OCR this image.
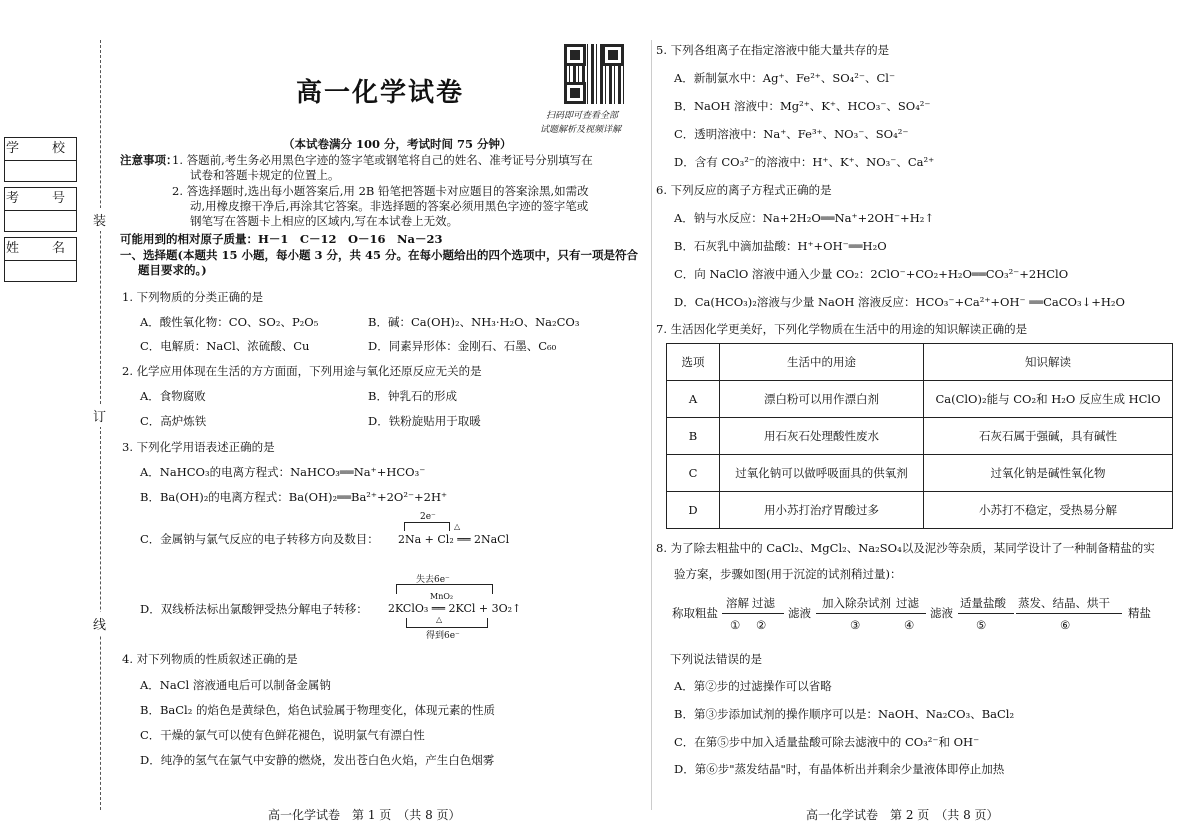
装
订
线
学　校
考　号
姓　名
高一化学试卷
扫码即可查看全部
试题解析及视频详解
（本试卷满分 100 分，考试时间 75 分钟）
注意事项：
1. 答题前,考生务必用黑色字迹的签字笔或钢笔将自己的姓名、准考证号分别填写在
试卷和答题卡规定的位置上。
2. 答选择题时,选出每小题答案后,用 2B 铅笔把答题卡对应题目的答案涂黑,如需改
动,用橡皮擦干净后,再涂其它答案。非选择题的答案必须用黑色字迹的签字笔或
钢笔写在答题卡上相应的区域内,写在本试卷上无效。
可能用到的相对原子质量：H－1　C－12　O－16　Na－23
一、选择题(本题共 15 小题，每小题 3 分，共 45 分。在每小题给出的四个选项中，只有一项是符合
题目要求的。)
1. 下列物质的分类正确的是
A．酸性氧化物：CO、SO₂、P₂O₅	B．碱：Ca(OH)₂、NH₃·H₂O、Na₂CO₃
C．电解质：NaCl、浓硫酸、Cu	D．同素异形体：金刚石、石墨、C₆₀
2. 化学应用体现在生活的方方面面，下列用途与氧化还原反应无关的是
A．食物腐败	B．钟乳石的形成
C．高炉炼铁	D．铁粉旋贴用于取暖
3. 下列化学用语表述正确的是
A．NaHCO₃的电离方程式：NaHCO₃══Na⁺+HCO₃⁻
B．Ba(OH)₂的电离方程式：Ba(OH)₂══Ba²⁺+2O²⁻+2H⁺
C．金属钠与氯气反应的电子转移方向及数目：
2e⁻
△
2Na + Cl₂ ══ 2NaCl
D．双线桥法标出氯酸钾受热分解电子转移：
失去6e⁻
MnO₂
2KClO₃ ══ 2KCl + 3O₂↑
△
得到6e⁻
4. 对下列物质的性质叙述正确的是
A．NaCl 溶液通电后可以制备金属钠
B．BaCl₂ 的焰色是黄绿色，焰色试验属于物理变化，体现元素的性质
C．干燥的氯气可以使有色鲜花褪色，说明氯气有漂白性
D．纯净的氢气在氯气中安静的燃烧，发出苍白色火焰，产生白色烟雾
高一化学试卷　第 1 页　（共 8 页）
5. 下列各组离子在指定溶液中能大量共存的是
A．新制氯水中：Ag⁺、Fe²⁺、SO₄²⁻、Cl⁻
B．NaOH 溶液中：Mg²⁺、K⁺、HCO₃⁻、SO₄²⁻
C．透明溶液中：Na⁺、Fe³⁺、NO₃⁻、SO₄²⁻
D．含有 CO₃²⁻的溶液中：H⁺、K⁺、NO₃⁻、Ca²⁺
6. 下列反应的离子方程式正确的是
A．钠与水反应：Na+2H₂O══Na⁺+2OH⁻+H₂↑
B．石灰乳中滴加盐酸：H⁺+OH⁻══H₂O
C．向 NaClO 溶液中通入少量 CO₂：2ClO⁻+CO₂+H₂O══CO₃²⁻+2HClO
D．Ca(HCO₃)₂溶液与少量 NaOH 溶液反应：HCO₃⁻+Ca²⁺+OH⁻ ══CaCO₃↓+H₂O
7. 生活因化学更美好，下列化学物质在生活中的用途的知识解读正确的是
选项	生活中的用途	知识解读
A	漂白粉可以用作漂白剂	Ca(ClO)₂能与 CO₂和 H₂O 反应生成 HClO
B	用石灰石处理酸性废水	石灰石属于强碱，具有碱性
C	过氧化钠可以做呼吸面具的供氧剂	过氧化钠是碱性氧化物
D	用小苏打治疗胃酸过多	小苏打不稳定，受热易分解
8. 为了除去粗盐中的 CaCl₂、MgCl₂、Na₂SO₄以及泥沙等杂质，某同学设计了一种制备精盐的实
验方案，步骤如图(用于沉淀的试剂稍过量)：
称取粗盐
溶解 过滤
① ②
滤液
加入除杂试剂
③
过滤
④
滤液
适量盐酸
⑤
蒸发、结晶、烘干
⑥
精盐
下列说法错误的是
A．第②步的过滤操作可以省略
B．第③步添加试剂的操作顺序可以是：NaOH、Na₂CO₃、BaCl₂
C．在第⑤步中加入适量盐酸可除去滤液中的 CO₃²⁻和 OH⁻
D．第⑥步"蒸发结晶"时，有晶体析出并剩余少量液体即停止加热
高一化学试卷　第 2 页　（共 8 页）
